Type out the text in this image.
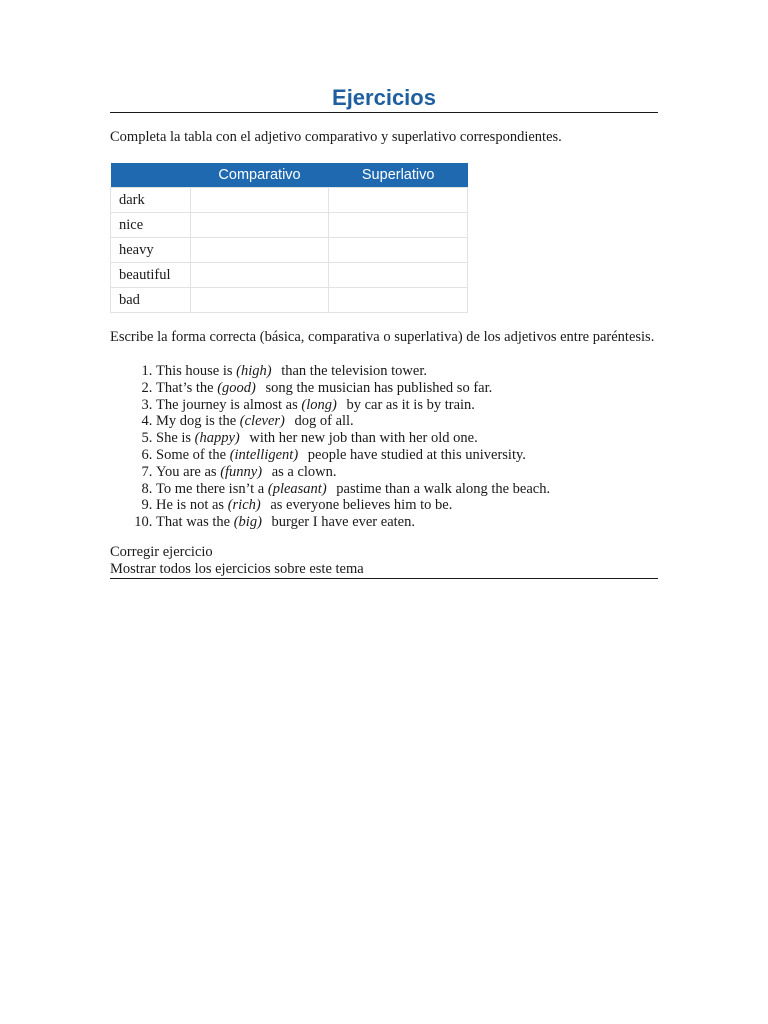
Ejercicios

Completa la tabla con el adjetivo comparativo y superlativo correspondientes.

	Comparativo	Superlativo
dark		
nice		
heavy		
beautiful		
bad		

Escribe la forma correcta (básica, comparativa o superlativa) de los adjetivos entre paréntesis.

1. This house is (high) than the television tower.
2. That’s the (good) song the musician has published so far.
3. The journey is almost as (long) by car as it is by train.
4. My dog is the (clever) dog of all.
5. She is (happy) with her new job than with her old one.
6. Some of the (intelligent) people have studied at this university.
7. You are as (funny) as a clown.
8. To me there isn’t a (pleasant) pastime than a walk along the beach.
9. He is not as (rich) as everyone believes him to be.
10. That was the (big) burger I have ever eaten.
Corregir ejercicio
Mostrar todos los ejercicios sobre este tema
